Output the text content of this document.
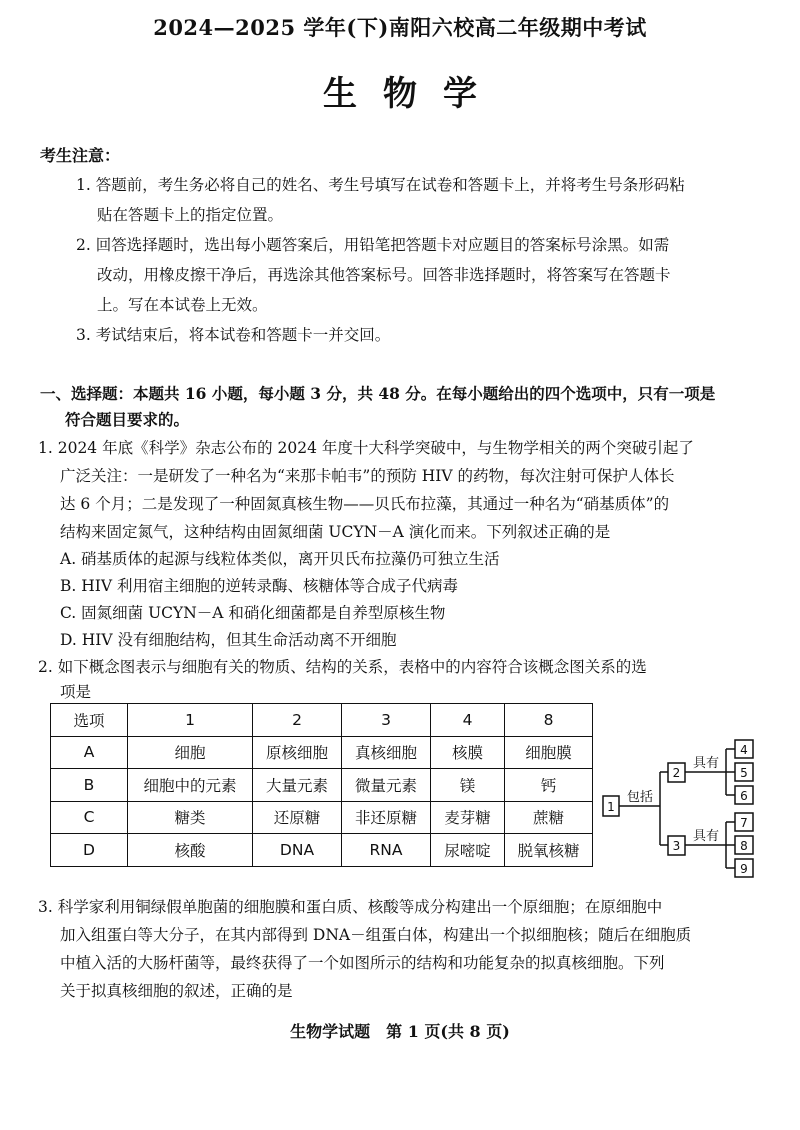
2024—2025 学年(下)南阳六校高二年级期中考试
生物学
考生注意：
1. 答题前，考生务必将自己的姓名、考生号填写在试卷和答题卡上，并将考生号条形码粘
贴在答题卡上的指定位置。
2. 回答选择题时，选出每小题答案后，用铅笔把答题卡对应题目的答案标号涂黑。如需
改动，用橡皮擦干净后，再选涂其他答案标号。回答非选择题时，将答案写在答题卡
上。写在本试卷上无效。
3. 考试结束后，将本试卷和答题卡一并交回。
一、选择题：本题共 16 小题，每小题 3 分，共 48 分。在每小题给出的四个选项中，只有一项是
符合题目要求的。
1. 2024 年底《科学》杂志公布的 2024 年度十大科学突破中，与生物学相关的两个突破引起了
广泛关注：一是研发了一种名为“来那卡帕韦”的预防 HIV 的药物，每次注射可保护人体长
达 6 个月；二是发现了一种固氮真核生物——贝氏布拉藻，其通过一种名为“硝基质体”的
结构来固定氮气，这种结构由固氮细菌 UCYN－A 演化而来。下列叙述正确的是
A. 硝基质体的起源与线粒体类似，离开贝氏布拉藻仍可独立生活
B. HIV 利用宿主细胞的逆转录酶、核糖体等合成子代病毒
C. 固氮细菌 UCYN－A 和硝化细菌都是自养型原核生物
D. HIV 没有细胞结构，但其生命活动离不开细胞
2. 如下概念图表示与细胞有关的物质、结构的关系，表格中的内容符合该概念图关系的选
项是
选项	1	2	3	4	8
A	细胞	原核细胞	真核细胞	核膜	细胞膜
B	细胞中的元素	大量元素	微量元素	镁	钙
C	糖类	还原糖	非还原糖	麦芽糖	蔗糖
D	核酸	DNA	RNA	尿嘧啶	脱氧核糖
1
2
3
4
5
6
7
8
9
包括
具有
具有
3. 科学家利用铜绿假单胞菌的细胞膜和蛋白质、核酸等成分构建出一个原细胞；在原细胞中
加入组蛋白等大分子，在其内部得到 DNA－组蛋白体，构建出一个拟细胞核；随后在细胞质
中植入活的大肠杆菌等，最终获得了一个如图所示的结构和功能复杂的拟真核细胞。下列
关于拟真核细胞的叙述，正确的是
生物学试题　第 1 页(共 8 页)
